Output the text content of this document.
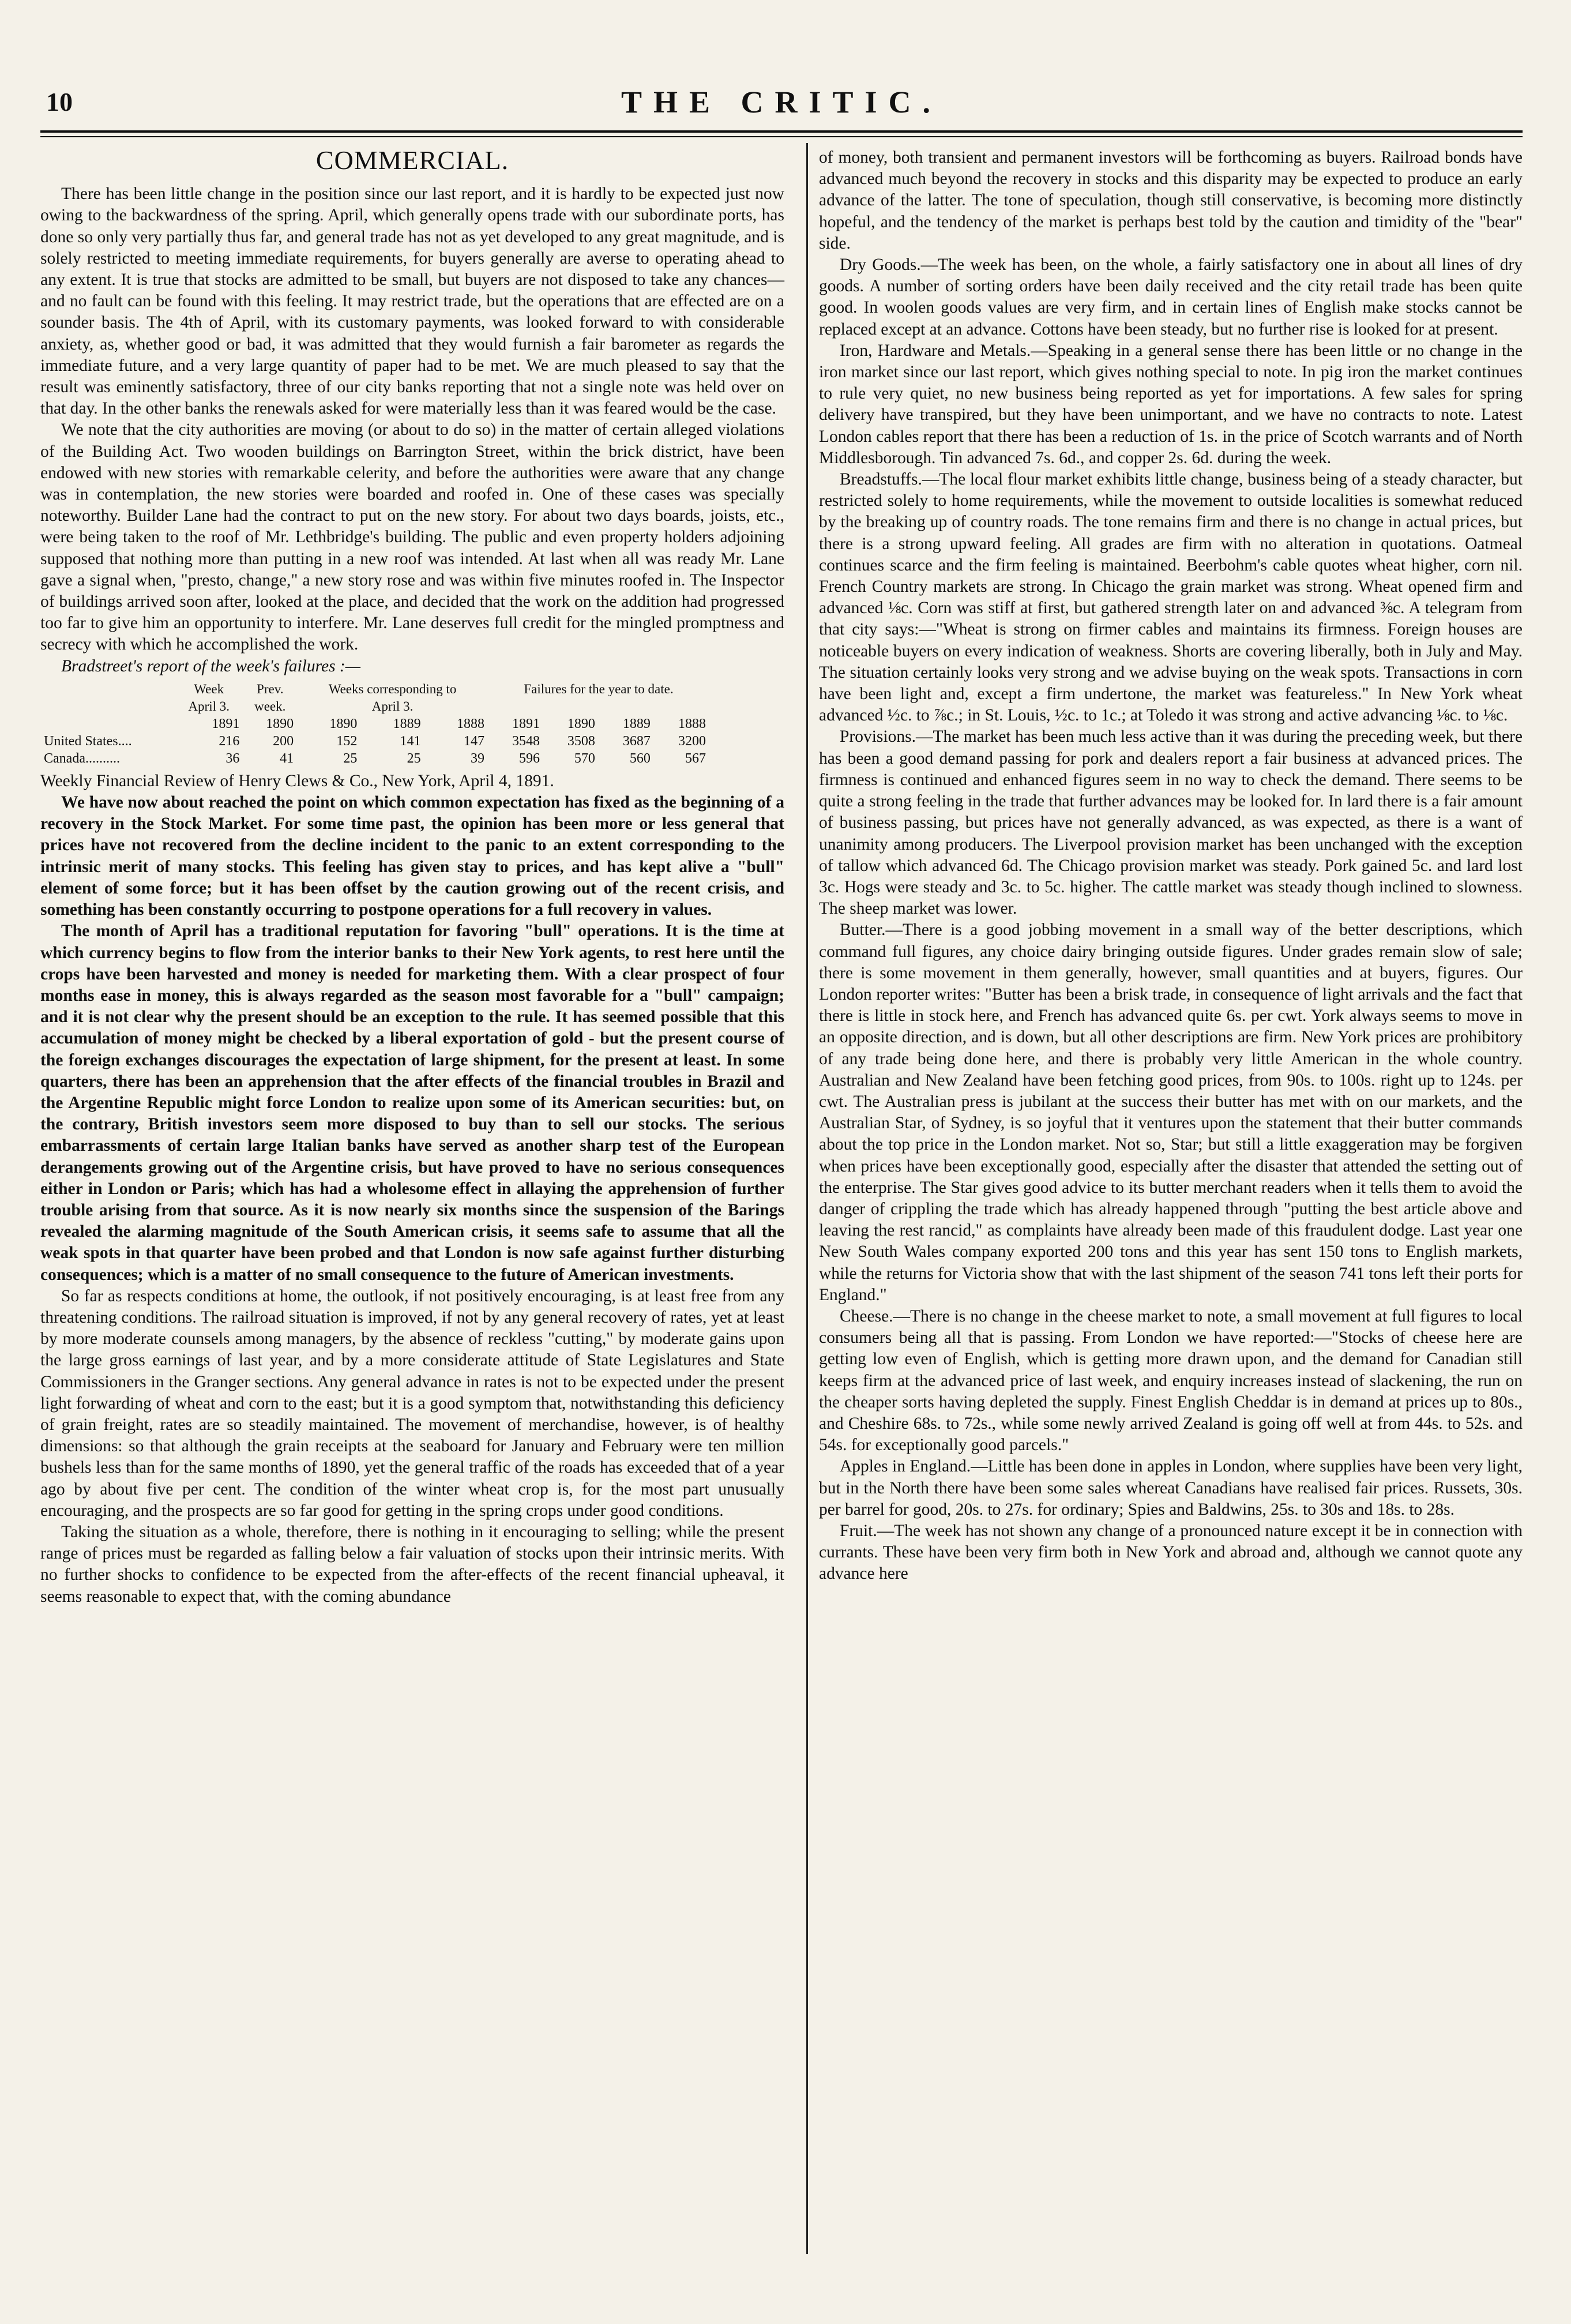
10	THE CRITIC.
COMMERCIAL.

There has been little change in the position since our last report, and it is hardly to be expected just now owing to the backwardness of the spring. April, which generally opens trade with our subordinate ports, has done so only very partially thus far, and general trade has not as yet developed to any great magnitude, and is solely restricted to meeting immediate requirements, for buyers generally are averse to operating ahead to any extent. It is true that stocks are admitted to be small, but buyers are not disposed to take any chances—and no fault can be found with this feeling. It may restrict trade, but the operations that are effected are on a sounder basis. The 4th of April, with its customary payments, was looked forward to with considerable anxiety, as, whether good or bad, it was admitted that they would furnish a fair barometer as regards the immediate future, and a very large quantity of paper had to be met. We are much pleased to say that the result was eminently satisfactory, three of our city banks reporting that not a single note was held over on that day. In the other banks the renewals asked for were materially less than it was feared would be the case.

We note that the city authorities are moving (or about to do so) in the matter of certain alleged violations of the Building Act. Two wooden buildings on Barrington Street, within the brick district, have been endowed with new stories with remarkable celerity, and before the authorities were aware that any change was in contemplation, the new stories were boarded and roofed in. One of these cases was specially noteworthy. Builder Lane had the contract to put on the new story. For about two days boards, joists, etc., were being taken to the roof of Mr. Lethbridge's building. The public and even property holders adjoining supposed that nothing more than putting in a new roof was intended. At last when all was ready Mr. Lane gave a signal when, "presto, change," a new story rose and was within five minutes roofed in. The Inspector of buildings arrived soon after, looked at the place, and decided that the work on the addition had progressed too far to give him an opportunity to interfere. Mr. Lane deserves full credit for the mingled promptness and secrecy with which he accomplished the work.

Bradstreet's report of the week's failures :—

	Week	Prev.	Weeks corresponding to			Failures for the year to date.			
	April 3.	week.	April 3.						
	1891	1890	1890	1889	1888	1891	1890	1889	1888
United States....	216	200	152	141	147	3548	3508	3687	3200
Canada..........	36	41	25	25	39	596	570	560	567

Weekly Financial Review of Henry Clews & Co., New York, April 4, 1891.

We have now about reached the point on which common expectation has fixed as the beginning of a recovery in the Stock Market. For some time past, the opinion has been more or less general that prices have not recovered from the decline incident to the panic to an extent corresponding to the intrinsic merit of many stocks. This feeling has given stay to prices, and has kept alive a "bull" element of some force; but it has been offset by the caution growing out of the recent crisis, and something has been constantly occurring to postpone operations for a full recovery in values.

The month of April has a traditional reputation for favoring "bull" operations. It is the time at which currency begins to flow from the interior banks to their New York agents, to rest here until the crops have been harvested and money is needed for marketing them. With a clear prospect of four months ease in money, this is always regarded as the season most favorable for a "bull" campaign; and it is not clear why the present should be an exception to the rule. It has seemed possible that this accumulation of money might be checked by a liberal exportation of gold - but the present course of the foreign exchanges discourages the expectation of large shipment, for the present at least. In some quarters, there has been an apprehension that the after effects of the financial troubles in Brazil and the Argentine Republic might force London to realize upon some of its American securities: but, on the contrary, British investors seem more disposed to buy than to sell our stocks. The serious embarrassments of certain large Italian banks have served as another sharp test of the European derangements growing out of the Argentine crisis, but have proved to have no serious consequences either in London or Paris; which has had a wholesome effect in allaying the apprehension of further trouble arising from that source. As it is now nearly six months since the suspension of the Barings revealed the alarming magnitude of the South American crisis, it seems safe to assume that all the weak spots in that quarter have been probed and that London is now safe against further disturbing consequences; which is a matter of no small consequence to the future of American investments.

So far as respects conditions at home, the outlook, if not positively encouraging, is at least free from any threatening conditions. The railroad situation is improved, if not by any general recovery of rates, yet at least by more moderate counsels among managers, by the absence of reckless "cutting," by moderate gains upon the large gross earnings of last year, and by a more considerate attitude of State Legislatures and State Commissioners in the Granger sections. Any general advance in rates is not to be expected under the present light forwarding of wheat and corn to the east; but it is a good symptom that, notwithstanding this deficiency of grain freight, rates are so steadily maintained. The movement of merchandise, however, is of healthy dimensions: so that although the grain receipts at the seaboard for January and February were ten million bushels less than for the same months of 1890, yet the general traffic of the roads has exceeded that of a year ago by about five per cent. The condition of the winter wheat crop is, for the most part unusually encouraging, and the prospects are so far good for getting in the spring crops under good conditions.

Taking the situation as a whole, therefore, there is nothing in it encouraging to selling; while the present range of prices must be regarded as falling below a fair valuation of stocks upon their intrinsic merits. With no further shocks to confidence to be expected from the after-effects of the recent financial upheaval, it seems reasonable to expect that, with the coming abundance

of money, both transient and permanent investors will be forthcoming as buyers. Railroad bonds have advanced much beyond the recovery in stocks and this disparity may be expected to produce an early advance of the latter. The tone of speculation, though still conservative, is becoming more distinctly hopeful, and the tendency of the market is perhaps best told by the caution and timidity of the "bear" side.

Dry Goods.—The week has been, on the whole, a fairly satisfactory one in about all lines of dry goods. A number of sorting orders have been daily received and the city retail trade has been quite good. In woolen goods values are very firm, and in certain lines of English make stocks cannot be replaced except at an advance. Cottons have been steady, but no further rise is looked for at present.

Iron, Hardware and Metals.—Speaking in a general sense there has been little or no change in the iron market since our last report, which gives nothing special to note. In pig iron the market continues to rule very quiet, no new business being reported as yet for importations. A few sales for spring delivery have transpired, but they have been unimportant, and we have no contracts to note. Latest London cables report that there has been a reduction of 1s. in the price of Scotch warrants and of North Middlesborough. Tin advanced 7s. 6d., and copper 2s. 6d. during the week.

Breadstuffs.—The local flour market exhibits little change, business being of a steady character, but restricted solely to home requirements, while the movement to outside localities is somewhat reduced by the breaking up of country roads. The tone remains firm and there is no change in actual prices, but there is a strong upward feeling. All grades are firm with no alteration in quotations. Oatmeal continues scarce and the firm feeling is maintained. Beerbohm's cable quotes wheat higher, corn nil. French Country markets are strong. In Chicago the grain market was strong. Wheat opened firm and advanced ⅛c. Corn was stiff at first, but gathered strength later on and advanced ⅜c. A telegram from that city says:—"Wheat is strong on firmer cables and maintains its firmness. Foreign houses are noticeable buyers on every indication of weakness. Shorts are covering liberally, both in July and May. The situation certainly looks very strong and we advise buying on the weak spots. Transactions in corn have been light and, except a firm undertone, the market was featureless." In New York wheat advanced ½c. to ⅞c.; in St. Louis, ½c. to 1c.; at Toledo it was strong and active advancing ⅛c. to ⅛c.

Provisions.—The market has been much less active than it was during the preceding week, but there has been a good demand passing for pork and dealers report a fair business at advanced prices. The firmness is continued and enhanced figures seem in no way to check the demand. There seems to be quite a strong feeling in the trade that further advances may be looked for. In lard there is a fair amount of business passing, but prices have not generally advanced, as was expected, as there is a want of unanimity among producers. The Liverpool provision market has been unchanged with the exception of tallow which advanced 6d. The Chicago provision market was steady. Pork gained 5c. and lard lost 3c. Hogs were steady and 3c. to 5c. higher. The cattle market was steady though inclined to slowness. The sheep market was lower.

Butter.—There is a good jobbing movement in a small way of the better descriptions, which command full figures, any choice dairy bringing outside figures. Under grades remain slow of sale; there is some movement in them generally, however, small quantities and at buyers, figures. Our London reporter writes: "Butter has been a brisk trade, in consequence of light arrivals and the fact that there is little in stock here, and French has advanced quite 6s. per cwt. York always seems to move in an opposite direction, and is down, but all other descriptions are firm. New York prices are prohibitory of any trade being done here, and there is probably very little American in the whole country. Australian and New Zealand have been fetching good prices, from 90s. to 100s. right up to 124s. per cwt. The Australian press is jubilant at the success their butter has met with on our markets, and the Australian Star, of Sydney, is so joyful that it ventures upon the statement that their butter commands about the top price in the London market. Not so, Star; but still a little exaggeration may be forgiven when prices have been exceptionally good, especially after the disaster that attended the setting out of the enterprise. The Star gives good advice to its butter merchant readers when it tells them to avoid the danger of crippling the trade which has already happened through "putting the best article above and leaving the rest rancid," as complaints have already been made of this fraudulent dodge. Last year one New South Wales company exported 200 tons and this year has sent 150 tons to English markets, while the returns for Victoria show that with the last shipment of the season 741 tons left their ports for England."

Cheese.—There is no change in the cheese market to note, a small movement at full figures to local consumers being all that is passing. From London we have reported:—"Stocks of cheese here are getting low even of English, which is getting more drawn upon, and the demand for Canadian still keeps firm at the advanced price of last week, and enquiry increases instead of slackening, the run on the cheaper sorts having depleted the supply. Finest English Cheddar is in demand at prices up to 80s., and Cheshire 68s. to 72s., while some newly arrived Zealand is going off well at from 44s. to 52s. and 54s. for exceptionally good parcels."

Apples in England.—Little has been done in apples in London, where supplies have been very light, but in the North there have been some sales whereat Canadians have realised fair prices. Russets, 30s. per barrel for good, 20s. to 27s. for ordinary; Spies and Baldwins, 25s. to 30s and 18s. to 28s.

Fruit.—The week has not shown any change of a pronounced nature except it be in connection with currants. These have been very firm both in New York and abroad and, although we cannot quote any advance here
